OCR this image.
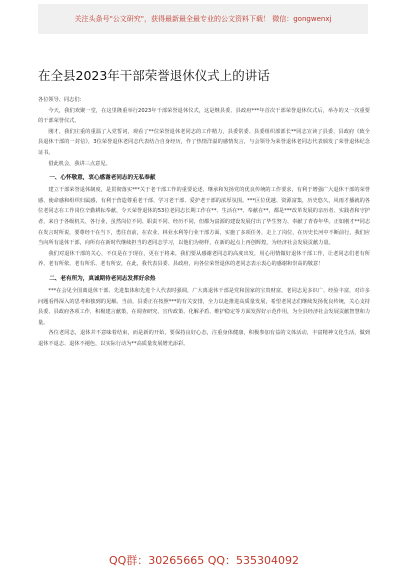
关注头条号"公文研究"，获得最新最全最专业的公文资料下载！ 微信：gongwenxj
在全县2023年干部荣誉退休仪式上的讲话

各位领导、同志们：

今天，我们欢聚一堂，在这里隆重举行2023年干部荣誉退休仪式，这是继县委、县政府***年首次干部荣誉退休仪式后，举办的又一次重要的干部荣誉仪式。

刚才，我们庄重的重温了入党誓词，观看了**位荣誉退休老同志的工作精力，县委常委、县委组织部部长**同志宣读了县委、县政府《致全县退休干部的一封信》，3位荣誉退休老同志代表结合自身经历，作了热情洋溢的感情发言，与会领导为荣誉退休老同志代表颁发了荣誉退休纪念证书。

借此机会，我讲三点意见。

一、心怀敬意，衷心感谢老同志的无私奉献

建立干部荣誉退休制度，是贯彻落实***关于老干部工作的重要论述、继承和发扬党的优良传统的工作要求，有利于增强广大退休干部的荣誉感、使命感和组织归属感，有利于营造尊重老干部、学习老干部、爱护老干部的浓厚氛围。***区位优越、资源富集，历史悠久，风雨才播就的各位老同志在工作岗位辛勤耕耘奉献，令天荣誉退休的53位老同志长期工作在**、生活在**、奉献在**，都是***改革发展的亲历者、实践者和守护者，来自于各级机关、各行业，虽然岗位不同、职责不同、经历不同，但都为富源的建设发展付出了毕生努力、奉献了青春年华。正如刚才**同志在发言时所说，要尊经干在当下，勇往直前，在农业、林业水利等行业干部方面，实施了多项任务，走上了岗位，在历史长河中不断前行，我们应当向所有退休干部，向所有在新时代继续担当的老同志学习，以他们为榜样，在新的起点上再创辉煌，为经济社会发展贡献力量。

我们对退休干部的关心，不仅是在于现在，更在于将来，我们要从感谢老同志的高度出发，用心用情做好退休干部工作，让老同志们老有所养、老有所依、老有所乐、老有所安，在此，我代表县委、县政府，向各位荣誉退休的老同志表示衷心的感谢和崇高的敬意！

二、老有所为，真诚期待老同志发挥好余热

***在会见全国离退休干部、先进集体和先进个人代表时强调，广大离退休干部是党和国家的宝贵财富，老同志见多识广、经验丰富，对许多问题看得深入的思考和独到的见解。当前，县委正在按照***的有关安排，全力以赴推进高质量发展，希望老同志们继续发扬优良传统，关心支持县委、县政府各项工作，积极建言献策，在调查研究、宣传政策、化解矛盾、维护稳定等方面发挥好示范作用，为全县经济社会发展贡献智慧和力量。

各位老同志，退休并不意味着结束，而是新的开始，要保持良好心态，注重身体健康，积极参加有益的文体活动，丰富精神文化生活，做到退休不退志、退休不褪色，以实际行动为**高质量发展增光添彩。

QQ群：30265665 QQ：535304092
